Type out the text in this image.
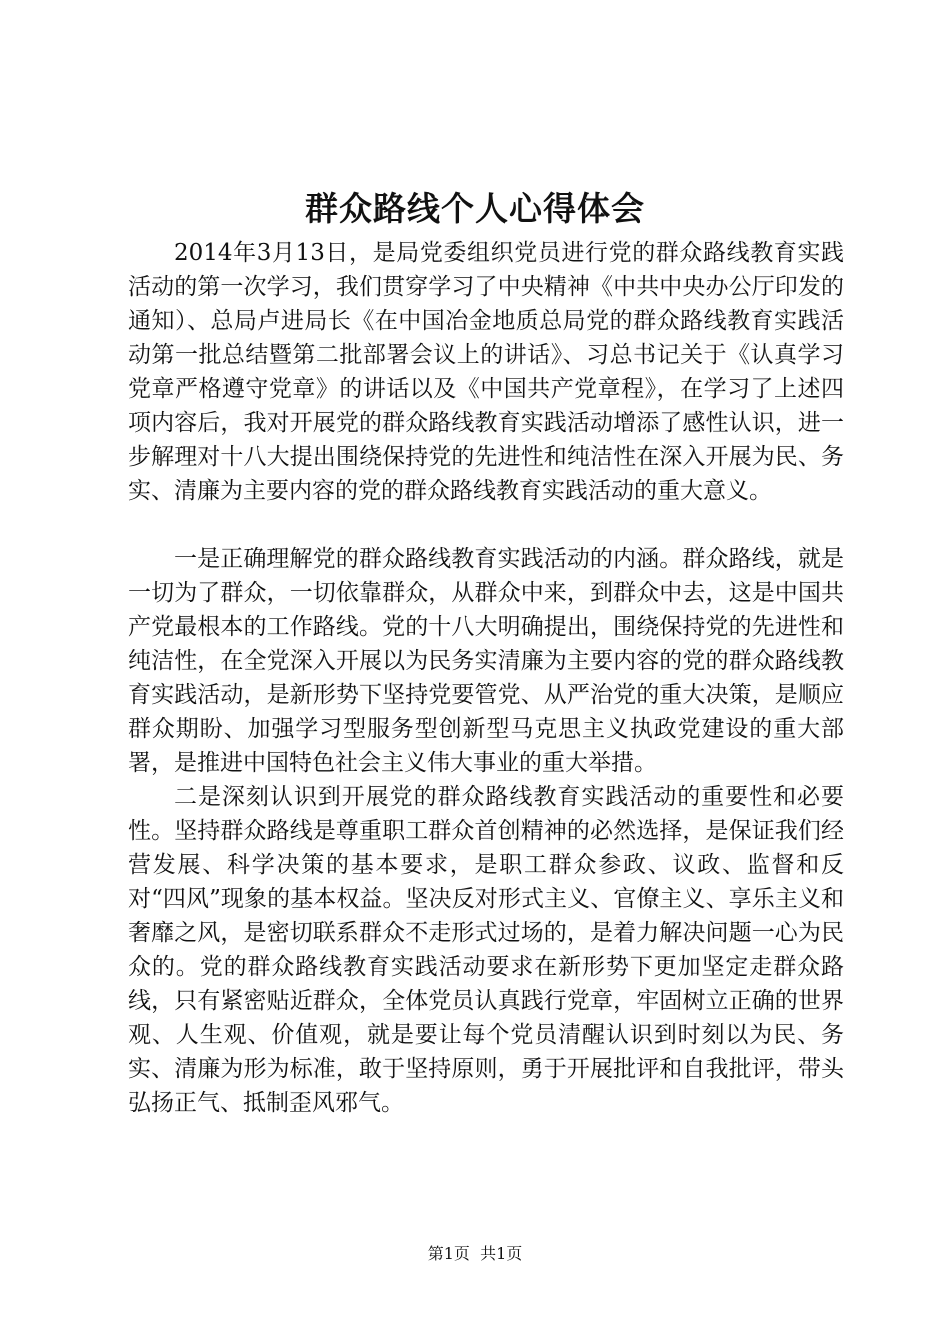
群众路线个人心得体会

2014年3月13日，是局党委组织党员进行党的群众路线教育实践活动的第一次学习，我们贯穿学习了中央精神《中共中央办公厅印发的通知）、总局卢进局长《在中国冶金地质总局党的群众路线教育实践活动第一批总结暨第二批部署会议上的讲话》、习总书记关于《认真学习党章严格遵守党章》的讲话以及《中国共产党章程》，在学习了上述四项内容后，我对开展党的群众路线教育实践活动增添了感性认识，进一步解理对十八大提出围绕保持党的先进性和纯洁性在深入开展为民、务实、清廉为主要内容的党的群众路线教育实践活动的重大意义。

一是正确理解党的群众路线教育实践活动的内涵。群众路线，就是一切为了群众，一切依靠群众，从群众中来，到群众中去，这是中国共产党最根本的工作路线。党的十八大明确提出，围绕保持党的先进性和纯洁性，在全党深入开展以为民务实清廉为主要内容的党的群众路线教育实践活动，是新形势下坚持党要管党、从严治党的重大决策，是顺应群众期盼、加强学习型服务型创新型马克思主义执政党建设的重大部署，是推进中国特色社会主义伟大事业的重大举措。

二是深刻认识到开展党的群众路线教育实践活动的重要性和必要性。坚持群众路线是尊重职工群众首创精神的必然选择，是保证我们经营发展、科学决策的基本要求，是职工群众参政、议政、监督和反对“四风”现象的基本权益。坚决反对形式主义、官僚主义、享乐主义和奢靡之风，是密切联系群众不走形式过场的，是着力解决问题一心为民众的。党的群众路线教育实践活动要求在新形势下更加坚定走群众路线，只有紧密贴近群众，全体党员认真践行党章，牢固树立正确的世界观、人生观、价值观，就是要让每个党员清醒认识到时刻以为民、务实、清廉为形为标准，敢于坚持原则，勇于开展批评和自我批评，带头弘扬正气、抵制歪风邪气。

第1页  共1页
